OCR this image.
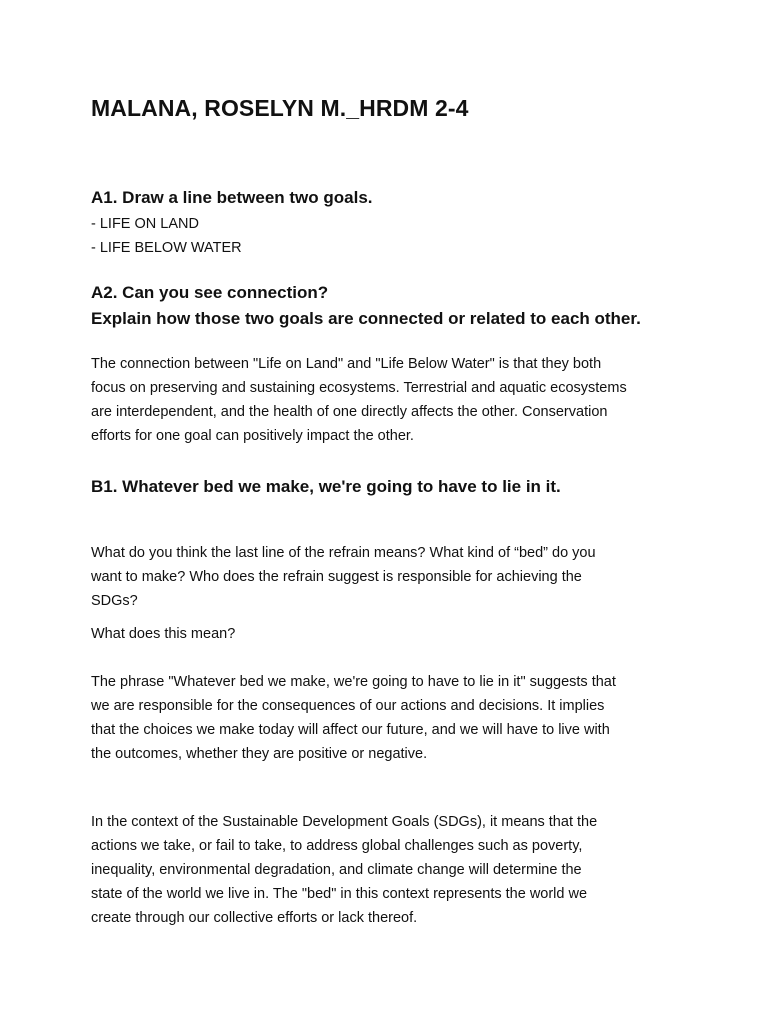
MALANA, ROSELYN M._HRDM 2-4
A1. Draw a line between two goals.
- LIFE ON LAND
- LIFE BELOW WATER
A2. Can you see connection?
Explain how those two goals are connected or related to each other.

The connection between "Life on Land" and "Life Below Water" is that they both
focus on preserving and sustaining ecosystems. Terrestrial and aquatic ecosystems
are interdependent, and the health of one directly affects the other. Conservation
efforts for one goal can positively impact the other.

B1. Whatever bed we make, we're going to have to lie in it.

What do you think the last line of the refrain means? What kind of “bed” do you
want to make? Who does the refrain suggest is responsible for achieving the
SDGs?

What does this mean?

The phrase "Whatever bed we make, we're going to have to lie in it" suggests that
we are responsible for the consequences of our actions and decisions. It implies
that the choices we make today will affect our future, and we will have to live with
the outcomes, whether they are positive or negative.

In the context of the Sustainable Development Goals (SDGs), it means that the
actions we take, or fail to take, to address global challenges such as poverty,
inequality, environmental degradation, and climate change will determine the
state of the world we live in. The "bed" in this context represents the world we
create through our collective efforts or lack thereof.
